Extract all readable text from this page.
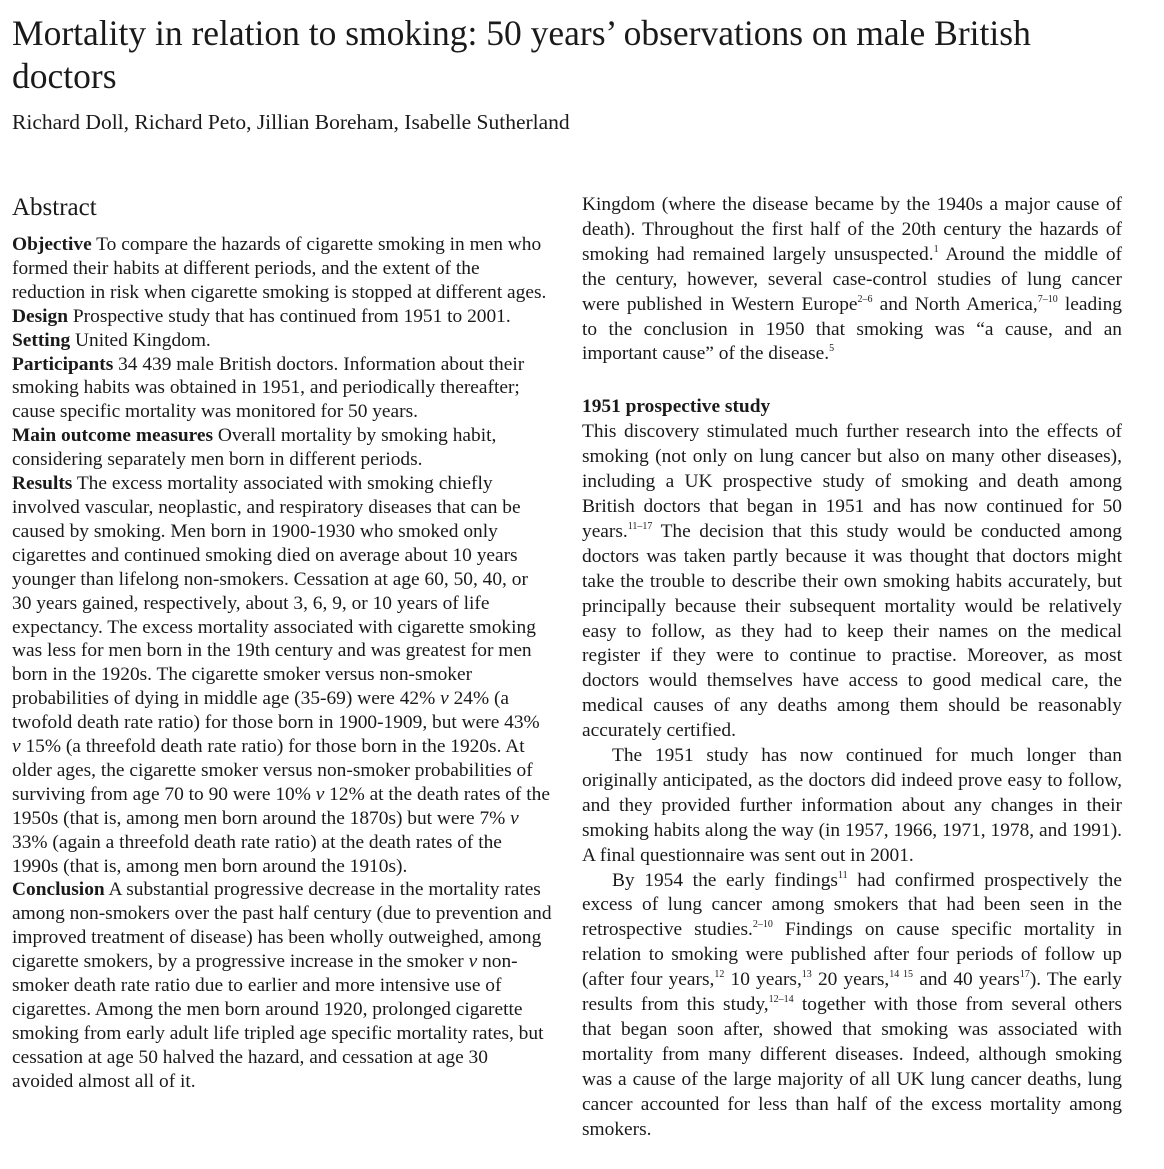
Mortality in relation to smoking: 50 years’ observations on male British doctors

Richard Doll, Richard Peto, Jillian Boreham, Isabelle Sutherland

Abstract

Objective To compare the hazards of cigarette smoking in men who formed their habits at different periods, and the extent of the reduction in risk when cigarette smoking is stopped at different ages.

Design Prospective study that has continued from 1951 to 2001.

Setting United Kingdom.

Participants 34 439 male British doctors. Information about their smoking habits was obtained in 1951, and periodically thereafter; cause specific mortality was monitored for 50 years.

Main outcome measures Overall mortality by smoking habit, considering separately men born in different periods.

Results The excess mortality associated with smoking chiefly involved vascular, neoplastic, and respiratory diseases that can be caused by smoking. Men born in 1900-1930 who smoked only cigarettes and continued smoking died on average about 10 years younger than lifelong non-smokers. Cessation at age 60, 50, 40, or 30 years gained, respectively, about 3, 6, 9, or 10 years of life expectancy. The excess mortality associated with cigarette smoking was less for men born in the 19th century and was greatest for men born in the 1920s. The cigarette smoker versus non-smoker probabilities of dying in middle age (35-69) were 42% v 24% (a twofold death rate ratio) for those born in 1900-1909, but were 43% v 15% (a threefold death rate ratio) for those born in the 1920s. At older ages, the cigarette smoker versus non-smoker probabilities of surviving from age 70 to 90 were 10% v 12% at the death rates of the 1950s (that is, among men born around the 1870s) but were 7% v 33% (again a threefold death rate ratio) at the death rates of the 1990s (that is, among men born around the 1910s).

Conclusion A substantial progressive decrease in the mortality rates among non-smokers over the past half century (due to prevention and improved treatment of disease) has been wholly outweighed, among cigarette smokers, by a progressive increase in the smoker v non-smoker death rate ratio due to earlier and more intensive use of cigarettes. Among the men born around 1920, prolonged cigarette smoking from early adult life tripled age specific mortality rates, but cessation at age 50 halved the hazard, and cessation at age 30 avoided almost all of it.

Kingdom (where the disease became by the 1940s a major cause of death). Throughout the first half of the 20th century the hazards of smoking had remained largely unsuspected.$^1$ Around the middle of the century, however, several case-control studies of lung cancer were published in Western Europe$^{2-6}$ and North America,$^{7-10}$ leading to the conclusion in 1950 that smoking was “a cause, and an important cause” of the disease.$^5$

1951 prospective study

This discovery stimulated much further research into the effects of smoking (not only on lung cancer but also on many other diseases), including a UK prospective study of smoking and death among British doctors that began in 1951 and has now continued for 50 years.$^{11-17}$ The decision that this study would be conducted among doctors was taken partly because it was thought that doctors might take the trouble to describe their own smoking habits accurately, but principally because their subsequent mortality would be relatively easy to follow, as they had to keep their names on the medical register if they were to continue to practise. Moreover, as most doctors would themselves have access to good medical care, the medical causes of any deaths among them should be reasonably accurately certified.

The 1951 study has now continued for much longer than originally anticipated, as the doctors did indeed prove easy to follow, and they provided further information about any changes in their smoking habits along the way (in 1957, 1966, 1971, 1978, and 1991). A final questionnaire was sent out in 2001.

By 1954 the early findings$^{11}$ had confirmed prospectively the excess of lung cancer among smokers that had been seen in the retrospective studies.$^{2-10}$ Findings on cause specific mortality in relation to smoking were published after four periods of follow up (after four years,$^{12}$ 10 years,$^{13}$ 20 years,$^{14 15}$ and 40 years$^{17}$). The early results from this study,$^{12-14}$ together with those from several others that began soon after, showed that smoking was associated with mortality from many different diseases. Indeed, although smoking was a cause of the large majority of all UK lung cancer deaths, lung cancer accounted for less than half of the excess mortality among smokers.
